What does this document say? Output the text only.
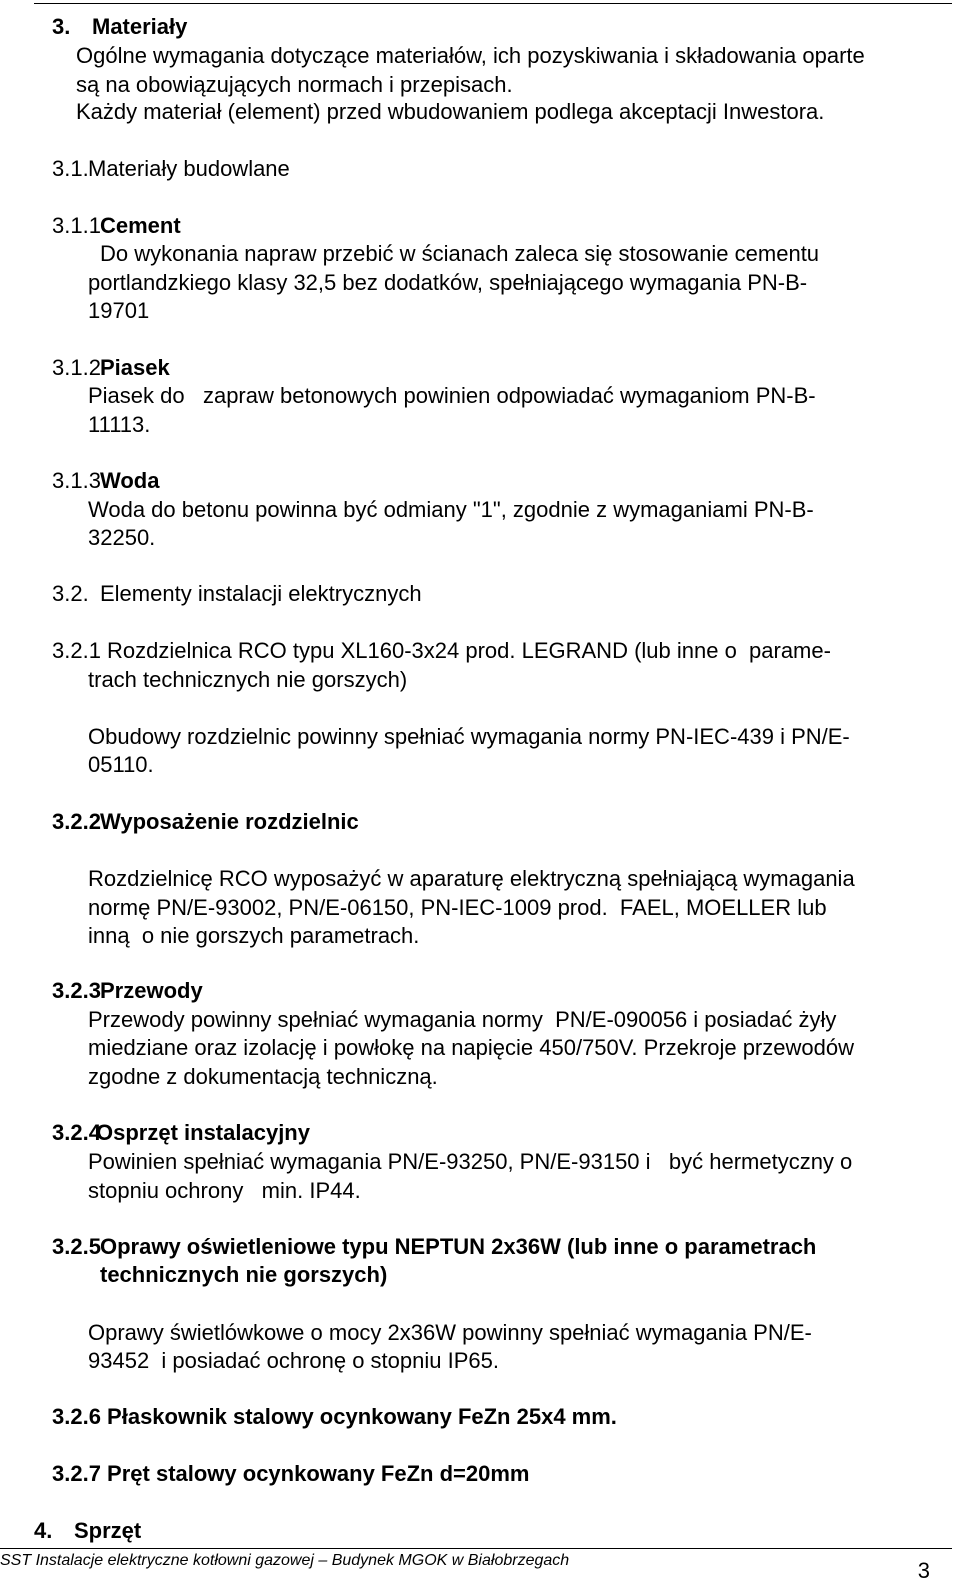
3. Materiały
Ogólne wymagania dotyczące materiałów, ich pozyskiwania i składowania oparte
są na obowiązujących normach i przepisach.
Każdy materiał (element) przed wbudowaniem podlega akceptacji Inwestora.
3.1. Materiały budowlane
3.1.1 Cement
Do wykonania napraw przebić w ścianach zaleca się stosowanie cementu
portlandzkiego klasy 32,5 bez dodatków, spełniającego wymagania PN-B-
19701
3.1.2 Piasek
Piasek do   zapraw betonowych powinien odpowiadać wymaganiom PN-B-
11113.
3.1.3 Woda
Woda do betonu powinna być odmiany "1", zgodnie z wymaganiami PN-B-
32250.
3.2. Elementy instalacji elektrycznych
3.2.1 Rozdzielnica RCO typu XL160-3x24 prod. LEGRAND (lub inne o  parame-
trach technicznych nie gorszych)
Obudowy rozdzielnic powinny spełniać wymagania normy PN-IEC-439 i PN/E-
05110.
3.2.2 Wyposażenie rozdzielnic
Rozdzielnicę RCO wyposażyć w aparaturę elektryczną spełniającą wymagania
normę PN/E-93002, PN/E-06150, PN-IEC-1009 prod.  FAEL, MOELLER lub
inną  o nie gorszych parametrach.
3.2.3 Przewody
Przewody powinny spełniać wymagania normy  PN/E-090056 i posiadać żyły
miedziane oraz izolację i powłokę na napięcie 450/750V. Przekroje przewodów
zgodne z dokumentacją techniczną.
3.2.4
Osprzęt instalacyjny
Powinien spełniać wymagania PN/E-93250, PN/E-93150 i   być hermetyczny o
stopniu ochrony   min. IP44.
3.2.5 Oprawy oświetleniowe typu NEPTUN 2x36W (lub inne o parametrach
technicznych nie gorszych)
Oprawy świetlówkowe o mocy 2x36W powinny spełniać wymagania PN/E-
93452  i posiadać ochronę o stopniu IP65.
3.2.6 Płaskownik stalowy ocynkowany FeZn 25x4 mm.
3.2.7 Pręt stalowy ocynkowany FeZn d=20mm
4. Sprzęt
SST Instalacje elektryczne kotłowni gazowej – Budynek MGOK w Białobrzegach	3
